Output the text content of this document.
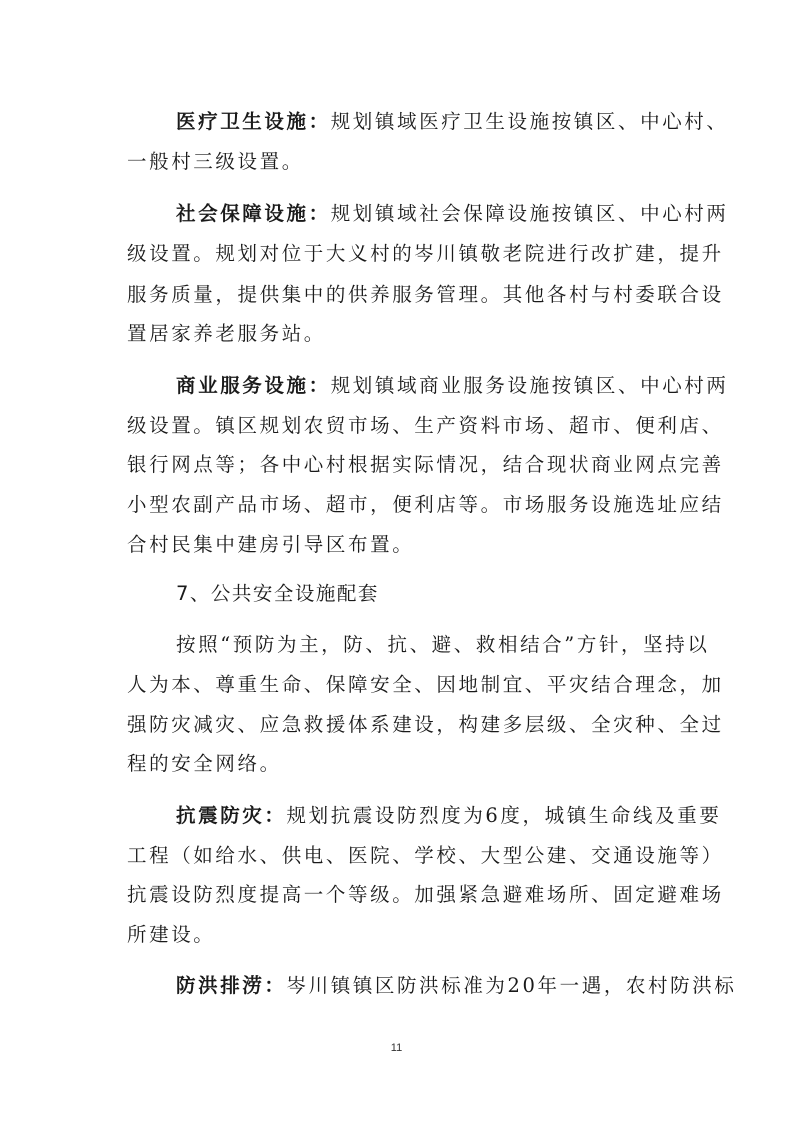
医疗卫生设施：规划镇域医疗卫生设施按镇区、中心村、
一般村三级设置。
社会保障设施：规划镇域社会保障设施按镇区、中心村两
级设置。规划对位于大义村的岑川镇敬老院进行改扩建，提升
服务质量，提供集中的供养服务管理。其他各村与村委联合设
置居家养老服务站。
商业服务设施：规划镇域商业服务设施按镇区、中心村两
级设置。镇区规划农贸市场、生产资料市场、超市、便利店、
银行网点等；各中心村根据实际情况，结合现状商业网点完善
小型农副产品市场、超市，便利店等。市场服务设施选址应结
合村民集中建房引导区布置。
7、公共安全设施配套
按照“预防为主，防、抗、避、救相结合”方针，坚持以
人为本、尊重生命、保障安全、因地制宜、平灾结合理念，加
强防灾减灾、应急救援体系建设，构建多层级、全灾种、全过
程的安全网络。
抗震防灾：规划抗震设防烈度为6度，城镇生命线及重要
工程（如给水、供电、医院、学校、大型公建、交通设施等）
抗震设防烈度提高一个等级。加强紧急避难场所、固定避难场
所建设。
防洪排涝：岑川镇镇区防洪标准为20年一遇，农村防洪标
11
